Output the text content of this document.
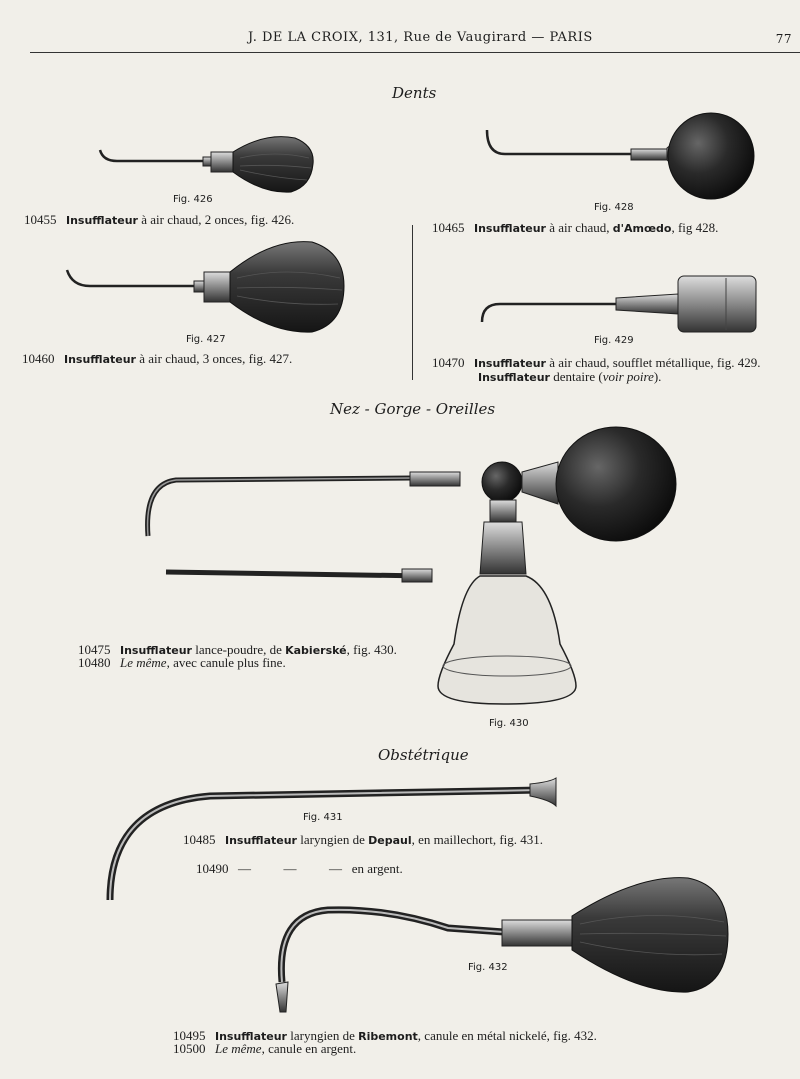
J. DE LA CROIX, 131, Rue de Vaugirard — PARIS	77
Dents
Fig. 426
10455 Insufflateur à air chaud, 2 onces, fig. 426.
Fig. 427
10460 Insufflateur à air chaud, 3 onces, fig. 427.
Fig. 428
10465 Insufflateur à air chaud, d'Amœdo, fig 428.
Fig. 429
10470 Insufflateur à air chaud, soufflet métallique, fig. 429.
Insufflateur dentaire (voir poire).
Nez - Gorge - Oreilles
10475 Insufflateur lance-poudre, de Kabierské, fig. 430.
10480 Le même, avec canule plus fine.
Fig. 430
Obstétrique
Fig. 431
10485 Insufflateur laryngien de Depaul, en maillechort, fig. 431.

10490 —          —          —   en argent.

Fig. 432
10495 Insufflateur laryngien de Ribemont, canule en métal nickelé, fig. 432.
10500 Le même, canule en argent.
